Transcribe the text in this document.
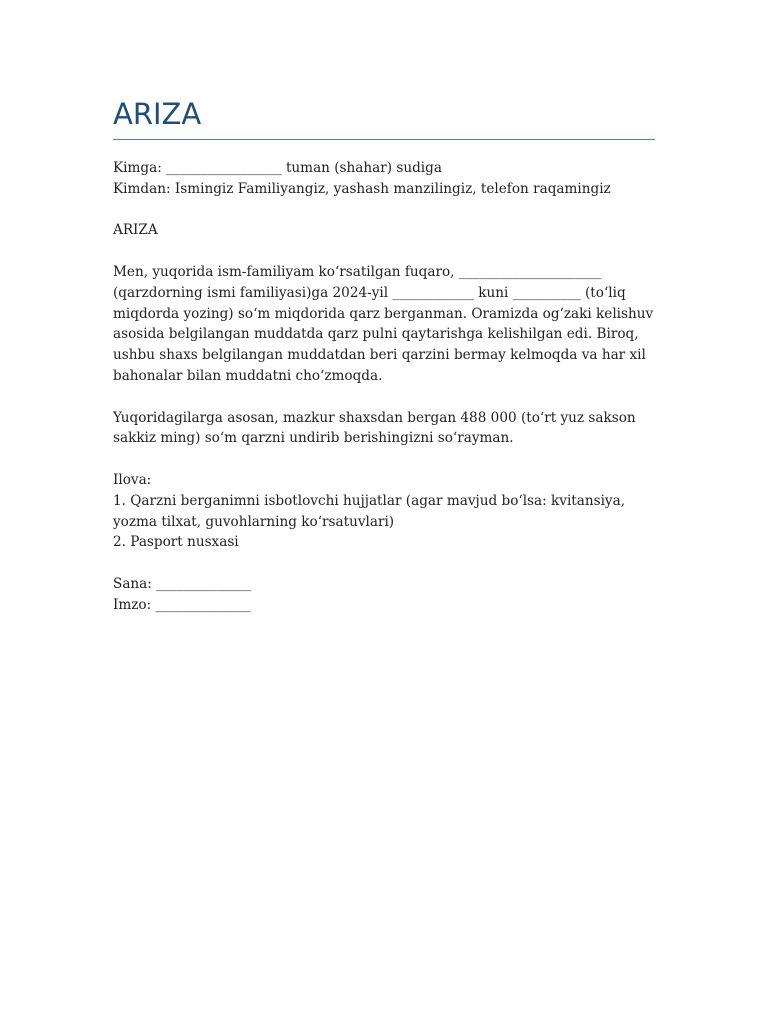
ARIZA

Kimga: _________________ tuman (shahar) sudiga

Kimdan: Ismingiz Familiyangiz, yashash manzilingiz, telefon raqamingiz

ARIZA

Men, yuqorida ism-familiyam koʻrsatilgan fuqaro, _____________________ (qarzdorning ismi familiyasi)ga 2024-yil ____________ kuni __________ (toʻliq miqdorda yozing) soʻm miqdorida qarz berganman. Oramizda ogʻzaki kelishuv asosida belgilangan muddatda qarz pulni qaytarishga kelishilgan edi. Biroq, ushbu shaxs belgilangan muddatdan beri qarzini bermay kelmoqda va har xil bahonalar bilan muddatni choʻzmoqda.

Yuqoridagilarga asosan, mazkur shaxsdan bergan 488 000 (toʻrt yuz sakson sakkiz ming) soʻm qarzni undirib berishingizni soʻrayman.

Ilova:

1. Qarzni berganimni isbotlovchi hujjatlar (agar mavjud boʻlsa: kvitansiya, yozma tilxat, guvohlarning koʻrsatuvlari)

2. Pasport nusxasi

Sana: ______________

Imzo: ______________
